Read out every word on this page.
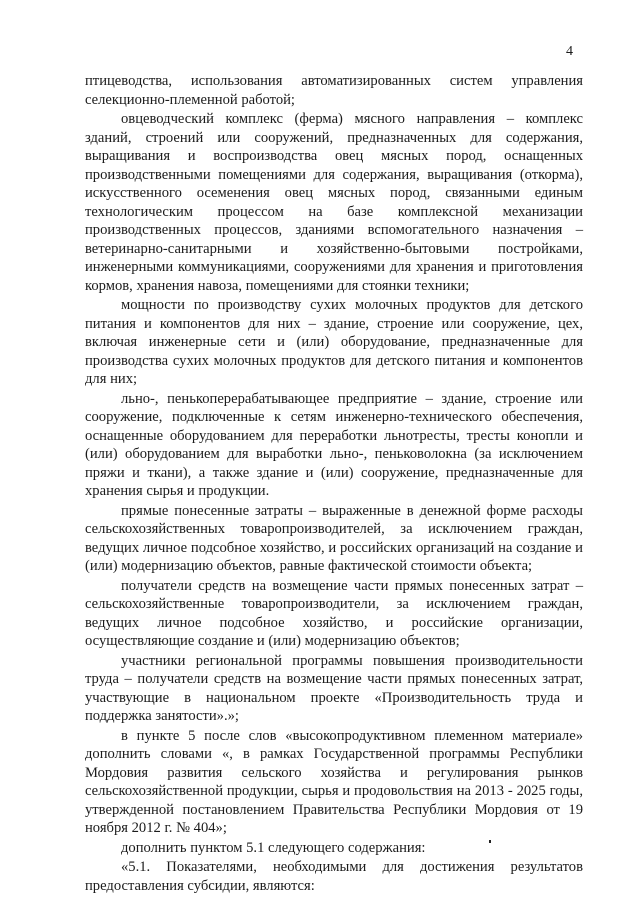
4

птицеводства, использования автоматизированных систем управления селекционно-племенной работой;

овцеводческий комплекс (ферма) мясного направления – комплекс зданий, строений или сооружений, предназначенных для содержания, выращивания и воспроизводства овец мясных пород, оснащенных производственными помещениями для содержания, выращивания (откорма), искусственного осеменения овец мясных пород, связанными единым технологическим процессом на базе комплексной механизации производственных процессов, зданиями вспомогательного назначения – ветеринарно-санитарными и хозяйственно-бытовыми постройками, инженерными коммуникациями, сооружениями для хранения и приготовления кормов, хранения навоза, помещениями для стоянки техники;

мощности по производству сухих молочных продуктов для детского питания и компонентов для них – здание, строение или сооружение, цех, включая инженерные сети и (или) оборудование, предназначенные для производства сухих молочных продуктов для детского питания и компонентов для них;

льно-, пенькоперерабатывающее предприятие – здание, строение или сооружение, подключенные к сетям инженерно-технического обеспечения, оснащенные оборудованием для переработки льнотресты, тресты конопли и (или) оборудованием для выработки льно-, пеньковолокна (за исключением пряжи и ткани), а также здание и (или) сооружение, предназначенные для хранения сырья и продукции.

прямые понесенные затраты – выраженные в денежной форме расходы сельскохозяйственных товаропроизводителей, за исключением граждан, ведущих личное подсобное хозяйство, и российских организаций на создание и (или) модернизацию объектов, равные фактической стоимости объекта;

получатели средств на возмещение части прямых понесенных затрат – сельскохозяйственные товаропроизводители, за исключением граждан, ведущих личное подсобное хозяйство, и российские организации, осуществляющие создание и (или) модернизацию объектов;

участники региональной программы повышения производительности труда – получатели средств на возмещение части прямых понесенных затрат, участвующие в национальном проекте «Производительность труда и поддержка занятости».»;

в пункте 5 после слов «высокопродуктивном племенном материале» дополнить словами «, в рамках Государственной программы Республики Мордовия развития сельского хозяйства и регулирования рынков сельскохозяйственной продукции, сырья и продовольствия на 2013 - 2025 годы, утвержденной постановлением Правительства Республики Мордовия от 19 ноября 2012 г. № 404»;

дополнить пунктом 5.1 следующего содержания:

«5.1. Показателями, необходимыми для достижения результатов предоставления субсидии, являются:
